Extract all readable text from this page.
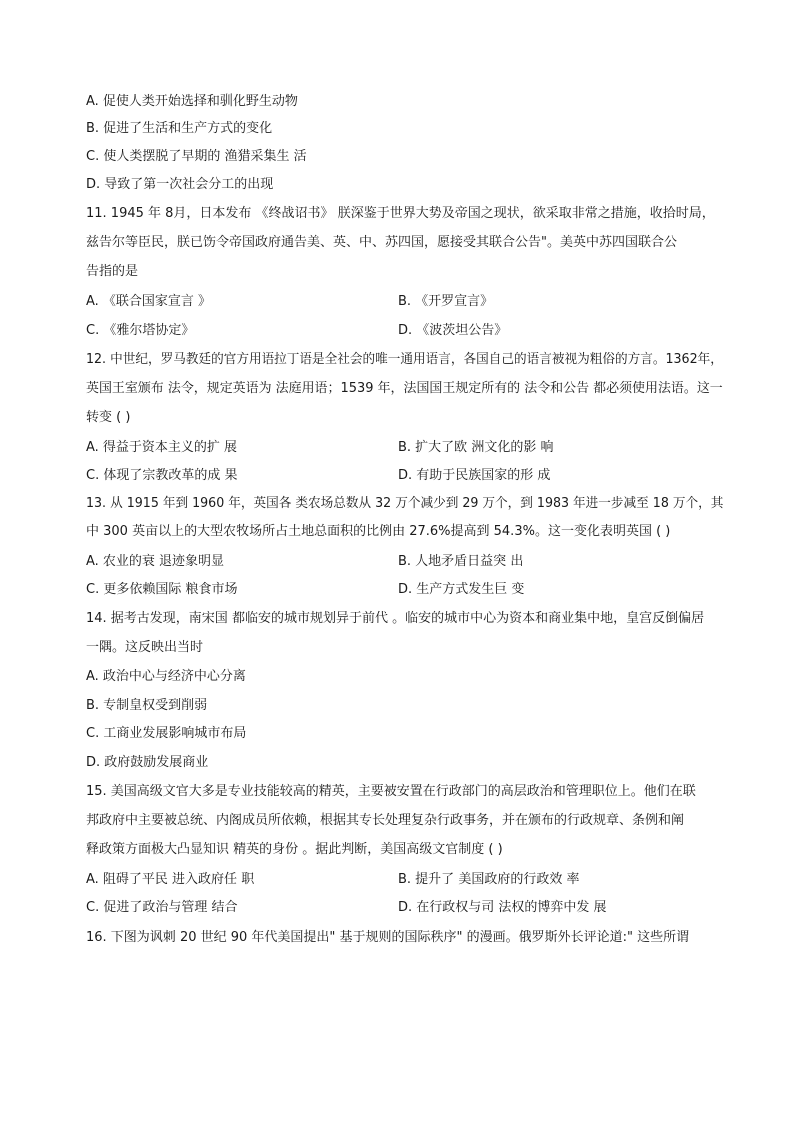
A. 促使人类开始选择和驯化野生动物
B. 促进了生活和生产方式的变化
C. 使人类摆脱了早期的 渔猎采集生 活
D. 导致了第一次社会分工的出现
11. 1945 年 8月，日本发布 《终战诏书》 朕深鉴于世界大势及帝国之现状，欲采取非常之措施，收拾时局，
兹告尔等臣民，朕已饬令帝国政府通告美、英、中、苏四国，愿接受其联合公告"。美英中苏四国联合公
告指的是
A. 《联合国家宣言 》	B. 《开罗宣言》
C. 《雅尔塔协定》	D. 《波茨坦公告》
12. 中世纪，罗马教廷的官方用语拉丁语是全社会的唯一通用语言，各国自己的语言被视为粗俗的方言。1362年，
英国王室颁布 法令，规定英语为 法庭用语；1539 年，法国国王规定所有的 法令和公告 都必须使用法语。这一
转变 ( )
A. 得益于资本主义的扩 展	B. 扩大了欧 洲文化的影 响
C. 体现了宗教改革的成 果	D. 有助于民族国家的形 成
13. 从 1915 年到 1960 年，英国各 类农场总数从 32 万个减少到 29 万个，到 1983 年进一步减至 18 万个，其
中 300 英亩以上的大型农牧场所占土地总面积的比例由 27.6%提高到 54.3%。这一变化表明英国 ( )
A. 农业的衰 退迹象明显	B. 人地矛盾日益突 出
C. 更多依赖国际 粮食市场	D. 生产方式发生巨 变
14. 据考古发现，南宋国 都临安的城市规划异于前代 。临安的城市中心为资本和商业集中地，皇宫反倒偏居
一隅。这反映出当时
A. 政治中心与经济中心分离
B. 专制皇权受到削弱
C. 工商业发展影响城市布局
D. 政府鼓励发展商业
15. 美国高级文官大多是专业技能较高的精英，主要被安置在行政部门的高层政治和管理职位上。他们在联
邦政府中主要被总统、内阁成员所依赖，根据其专长处理复杂行政事务，并在颁布的行政规章、条例和阐
释政策方面极大凸显知识 精英的身份 。据此判断，美国高级文官制度 ( )
A. 阻碍了平民 进入政府任 职	B. 提升了 美国政府的行政效 率
C. 促进了政治与管理 结合	D. 在行政权与司 法权的博弈中发 展
16. 下图为讽刺 20 世纪 90 年代美国提出" 基于规则的国际秩序" 的漫画。俄罗斯外长评论道:" 这些所谓
